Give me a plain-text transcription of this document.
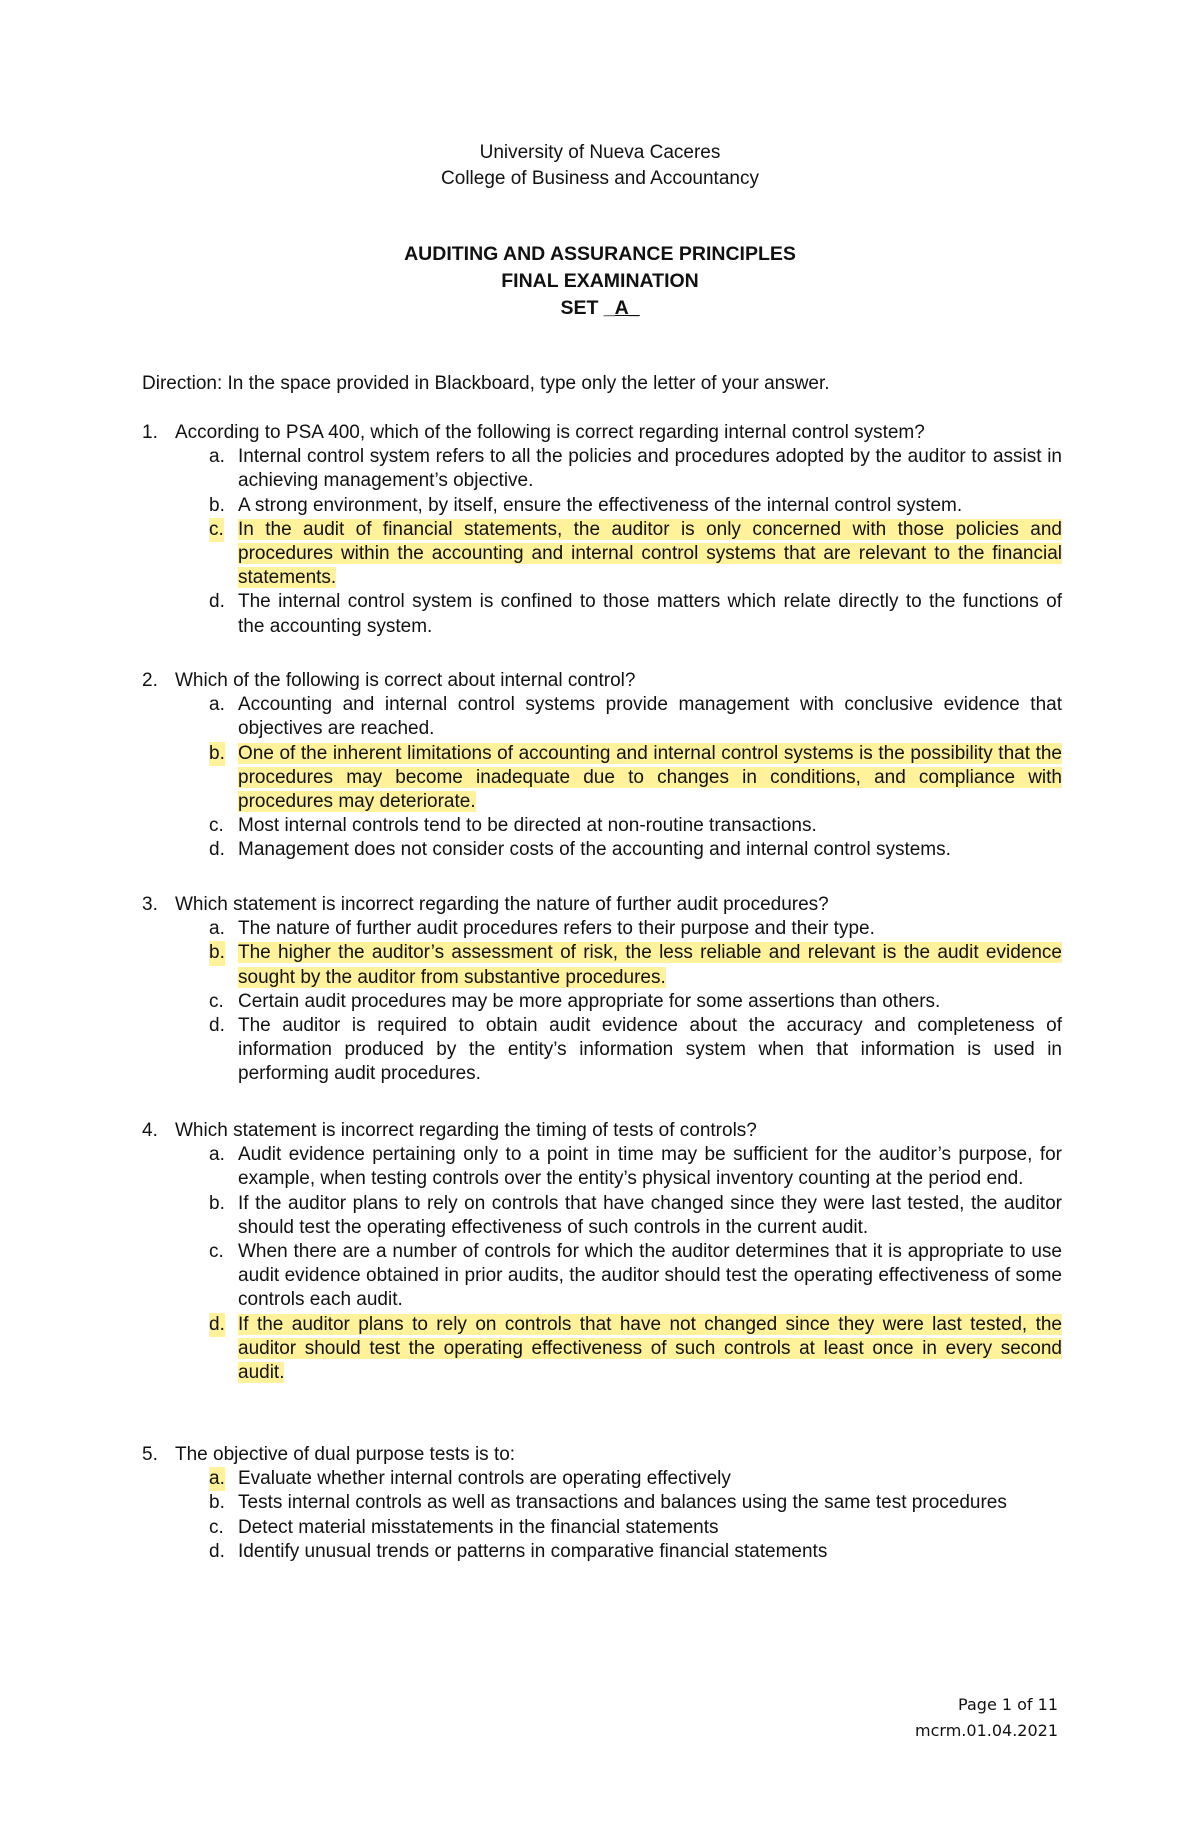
University of Nueva Caceres
College of Business and Accountancy
AUDITING AND ASSURANCE PRINCIPLES
FINAL EXAMINATION
SET _A_
Direction: In the space provided in Blackboard, type only the letter of your answer.
1. According to PSA 400, which of the following is correct regarding internal control system?
a. Internal control system refers to all the policies and procedures adopted by the auditor to assist in achieving management’s objective.
b. A strong environment, by itself, ensure the effectiveness of the internal control system.
c. In the audit of financial statements, the auditor is only concerned with those policies and procedures within the accounting and internal control systems that are relevant to the financial statements.
d. The internal control system is confined to those matters which relate directly to the functions of the accounting system.
2. Which of the following is correct about internal control?
a. Accounting and internal control systems provide management with conclusive evidence that objectives are reached.
b. One of the inherent limitations of accounting and internal control systems is the possibility that the procedures may become inadequate due to changes in conditions, and compliance with procedures may deteriorate.
c. Most internal controls tend to be directed at non-routine transactions.
d. Management does not consider costs of the accounting and internal control systems.
3. Which statement is incorrect regarding the nature of further audit procedures?
a. The nature of further audit procedures refers to their purpose and their type.
b. The higher the auditor’s assessment of risk, the less reliable and relevant is the audit evidence sought by the auditor from substantive procedures.
c. Certain audit procedures may be more appropriate for some assertions than others.
d. The auditor is required to obtain audit evidence about the accuracy and completeness of information produced by the entity’s information system when that information is used in performing audit procedures.
4. Which statement is incorrect regarding the timing of tests of controls?
a. Audit evidence pertaining only to a point in time may be sufficient for the auditor’s purpose, for example, when testing controls over the entity’s physical inventory counting at the period end.
b. If the auditor plans to rely on controls that have changed since they were last tested, the auditor should test the operating effectiveness of such controls in the current audit.
c. When there are a number of controls for which the auditor determines that it is appropriate to use audit evidence obtained in prior audits, the auditor should test the operating effectiveness of some controls each audit.
d. If the auditor plans to rely on controls that have not changed since they were last tested, the auditor should test the operating effectiveness of such controls at least once in every second audit.
5. The objective of dual purpose tests is to:
a. Evaluate whether internal controls are operating effectively
b. Tests internal controls as well as transactions and balances using the same test procedures
c. Detect material misstatements in the financial statements
d. Identify unusual trends or patterns in comparative financial statements
Page 1 of 11
mcrm.01.04.2021
